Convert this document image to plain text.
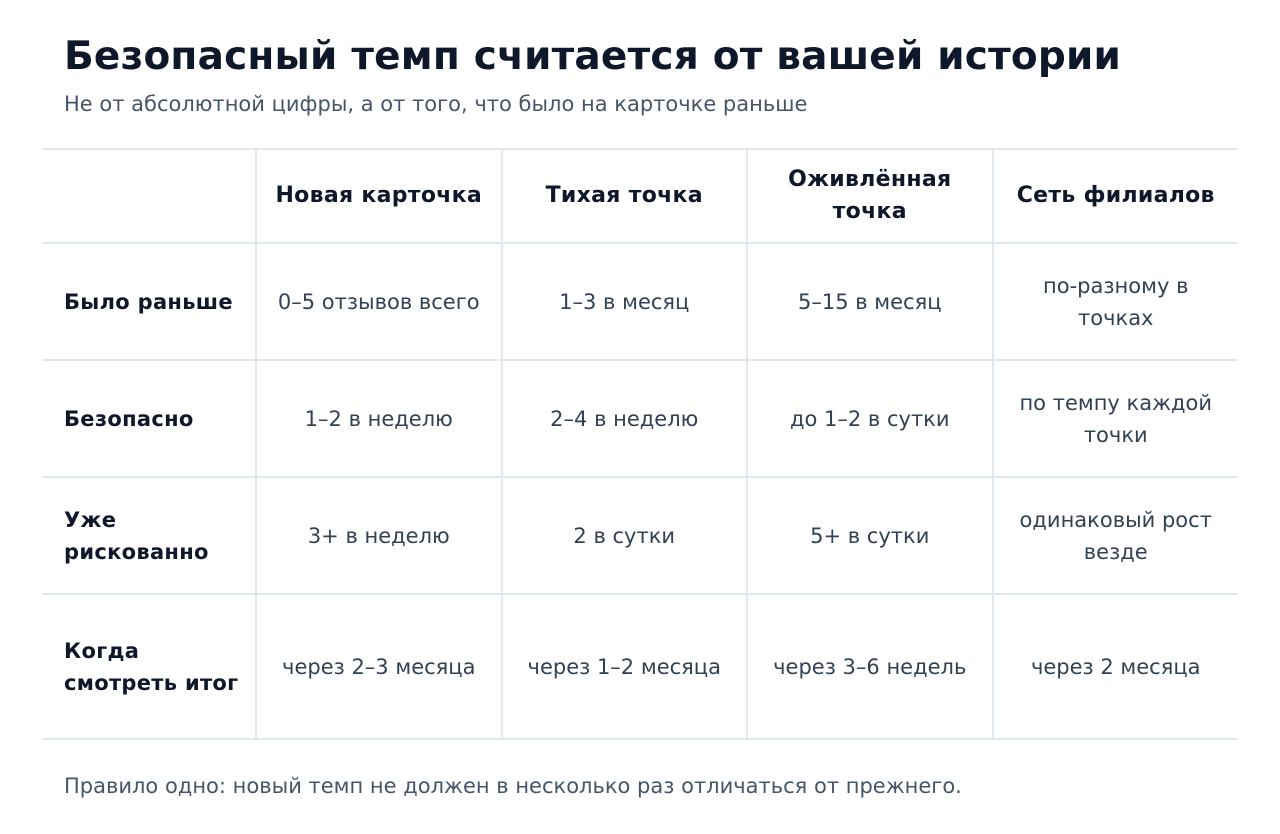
Безопасный темп считается от вашей истории

Не от абсолютной цифры, а от того, что было на карточке раньше

	Новая карточка	Тихая точка	Оживлённая точка	Сеть филиалов
Было раньше	0–5 отзывов всего	1–3 в месяц	5–15 в месяц	по-разному в точках
Безопасно	1–2 в неделю	2–4 в неделю	до 1–2 в сутки	по темпу каждой точки
Уже рискованно	3+ в неделю	2 в сутки	5+ в сутки	одинаковый рост везде
Когда смотреть итог	через 2–3 месяца	через 1–2 месяца	через 3–6 недель	через 2 месяца

Правило одно: новый темп не должен в несколько раз отличаться от прежнего.
